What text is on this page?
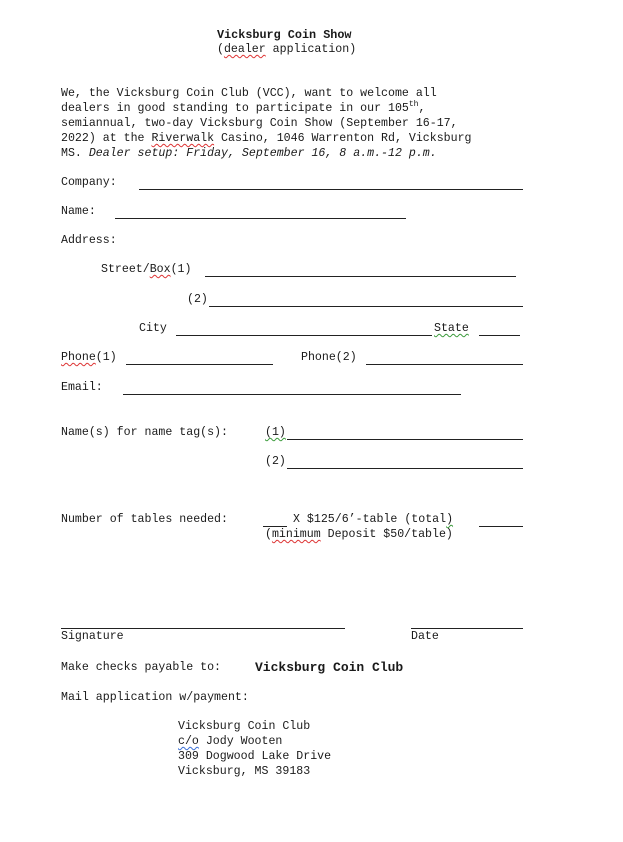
Vicksburg Coin Show
(dealer application)
We, the Vicksburg Coin Club (VCC), want to welcome all
dealers in good standing to participate in our 105th,
semiannual, two-day Vicksburg Coin Show (September 16-17,
2022) at the Riverwalk Casino, 1046 Warrenton Rd, Vicksburg
MS. Dealer setup: Friday, September 16, 8 a.m.-12 p.m.
Company:
Name:
Address:
Street/Box(1)
(2)
City	State
Phone(1)	Phone(2)
Email:
Name(s) for name tag(s):	(1)
(2)
Number of tables needed:	X $125/6’-table (total)
(minimum Deposit $50/table)
Signature	Date
Make checks payable to:	Vicksburg Coin Club
Mail application w/payment:
Vicksburg Coin Club
c/o Jody Wooten
309 Dogwood Lake Drive
Vicksburg, MS 39183
